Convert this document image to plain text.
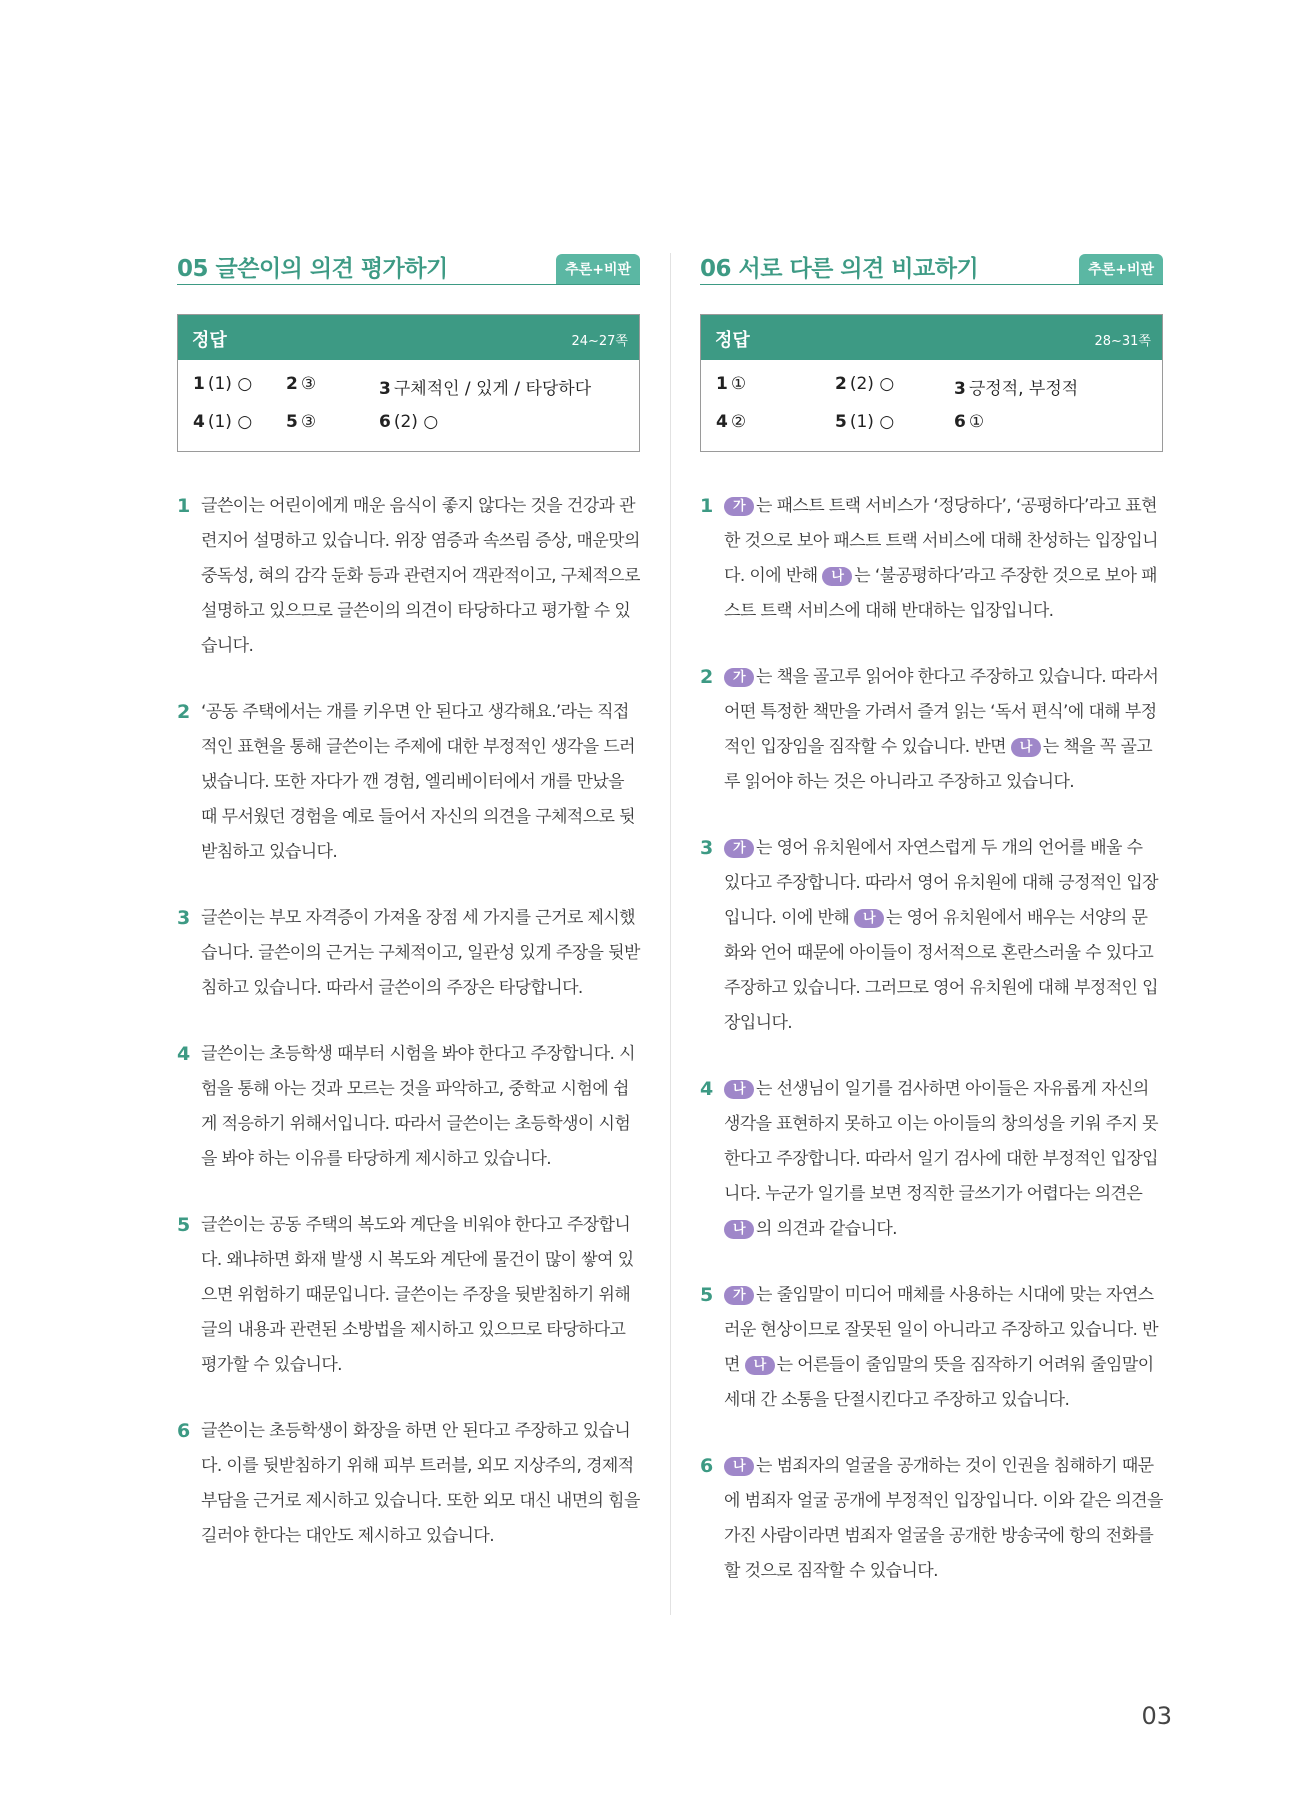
05 글쓴이의 의견 평가하기	추론+비판
정답	24~27쪽
1 (1) ○ 2 ③	3 구체적인 / 있게 / 타당하다
4 (1) ○ 5 ③	6 (2) ○
1 글쓴이는 어린이에게 매운 음식이 좋지 않다는 것을 건강과 관련지어 설명하고 있습니다. 위장 염증과 속쓰림 증상, 매운맛의 중독성, 혀의 감각 둔화 등과 관련지어 객관적이고, 구체적으로 설명하고 있으므로 글쓴이의 의견이 타당하다고 평가할 수 있습니다.
2 ‘공동 주택에서는 개를 키우면 안 된다고 생각해요.’라는 직접적인 표현을 통해 글쓴이는 주제에 대한 부정적인 생각을 드러냈습니다. 또한 자다가 깬 경험, 엘리베이터에서 개를 만났을 때 무서웠던 경험을 예로 들어서 자신의 의견을 구체적으로 뒷받침하고 있습니다.
3 글쓴이는 부모 자격증이 가져올 장점 세 가지를 근거로 제시했습니다. 글쓴이의 근거는 구체적이고, 일관성 있게 주장을 뒷받침하고 있습니다. 따라서 글쓴이의 주장은 타당합니다.
4 글쓴이는 초등학생 때부터 시험을 봐야 한다고 주장합니다. 시험을 통해 아는 것과 모르는 것을 파악하고, 중학교 시험에 쉽게 적응하기 위해서입니다. 따라서 글쓴이는 초등학생이 시험을 봐야 하는 이유를 타당하게 제시하고 있습니다.
5 글쓴이는 공동 주택의 복도와 계단을 비워야 한다고 주장합니다. 왜냐하면 화재 발생 시 복도와 계단에 물건이 많이 쌓여 있으면 위험하기 때문입니다. 글쓴이는 주장을 뒷받침하기 위해 글의 내용과 관련된 소방법을 제시하고 있으므로 타당하다고 평가할 수 있습니다.
6 글쓴이는 초등학생이 화장을 하면 안 된다고 주장하고 있습니다. 이를 뒷받침하기 위해 피부 트러블, 외모 지상주의, 경제적 부담을 근거로 제시하고 있습니다. 또한 외모 대신 내면의 힘을 길러야 한다는 대안도 제시하고 있습니다.
06 서로 다른 의견 비교하기	추론+비판
정답	28~31쪽
1 ①	2 (2) ○	3 긍정적, 부정적
4 ②	5 (1) ○	6 ①
1 가 는 패스트 트랙 서비스가 ‘정당하다’, ‘공평하다’라고 표현한 것으로 보아 패스트 트랙 서비스에 대해 찬성하는 입장입니다. 이에 반해 나 는 ‘불공평하다’라고 주장한 것으로 보아 패스트 트랙 서비스에 대해 반대하는 입장입니다.
2 가 는 책을 골고루 읽어야 한다고 주장하고 있습니다. 따라서 어떤 특정한 책만을 가려서 즐겨 읽는 ‘독서 편식’에 대해 부정적인 입장임을 짐작할 수 있습니다. 반면 나 는 책을 꼭 골고루 읽어야 하는 것은 아니라고 주장하고 있습니다.
3 가 는 영어 유치원에서 자연스럽게 두 개의 언어를 배울 수 있다고 주장합니다. 따라서 영어 유치원에 대해 긍정적인 입장입니다. 이에 반해 나 는 영어 유치원에서 배우는 서양의 문화와 언어 때문에 아이들이 정서적으로 혼란스러울 수 있다고 주장하고 있습니다. 그러므로 영어 유치원에 대해 부정적인 입장입니다.
4 나 는 선생님이 일기를 검사하면 아이들은 자유롭게 자신의 생각을 표현하지 못하고 이는 아이들의 창의성을 키워 주지 못한다고 주장합니다. 따라서 일기 검사에 대한 부정적인 입장입니다. 누군가 일기를 보면 정직한 글쓰기가 어렵다는 의견은 나 의 의견과 같습니다.
5 가 는 줄임말이 미디어 매체를 사용하는 시대에 맞는 자연스러운 현상이므로 잘못된 일이 아니라고 주장하고 있습니다. 반면 나 는 어른들이 줄임말의 뜻을 짐작하기 어려워 줄임말이 세대 간 소통을 단절시킨다고 주장하고 있습니다.
6 나 는 범죄자의 얼굴을 공개하는 것이 인권을 침해하기 때문에 범죄자 얼굴 공개에 부정적인 입장입니다. 이와 같은 의견을 가진 사람이라면 범죄자 얼굴을 공개한 방송국에 항의 전화를 할 것으로 짐작할 수 있습니다.
03
